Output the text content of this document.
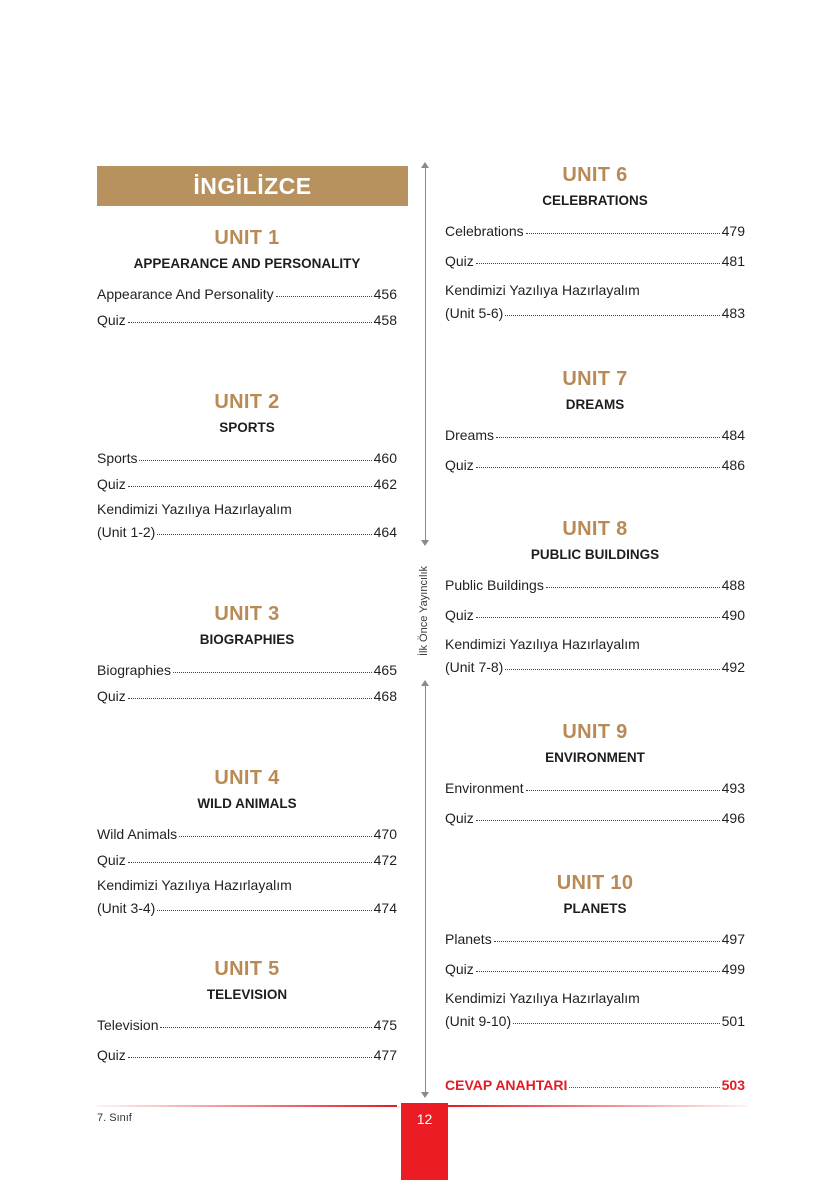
İNGİLİZCE
UNIT 1
APPEARANCE AND PERSONALITY
Appearance And Personality	456
Quiz	458
UNIT 2
SPORTS
Sports	460
Quiz	462
Kendimizi Yazılıya Hazırlayalım
(Unit 1-2)	464
UNIT 3
BIOGRAPHIES
Biographies	465
Quiz	468
UNIT 4
WILD ANIMALS
Wild Animals	470
Quiz	472
Kendimizi Yazılıya Hazırlayalım
(Unit 3-4)	474
UNIT 5
TELEVISION
Television	475
Quiz	477
UNIT 6
CELEBRATIONS
Celebrations	479
Quiz	481
Kendimizi Yazılıya Hazırlayalım
(Unit 5-6)	483
UNIT 7
DREAMS
Dreams	484
Quiz	486
UNIT 8
PUBLIC BUILDINGS
Public Buildings	488
Quiz	490
Kendimizi Yazılıya Hazırlayalım
(Unit 7-8)	492
UNIT 9
ENVIRONMENT
Environment	493
Quiz	496
UNIT 10
PLANETS
Planets	497
Quiz	499
Kendimizi Yazılıya Hazırlayalım
(Unit 9-10)	501
CEVAP ANAHTARI	503
İlk Önce Yayıncılık
7. Sınıf	12
